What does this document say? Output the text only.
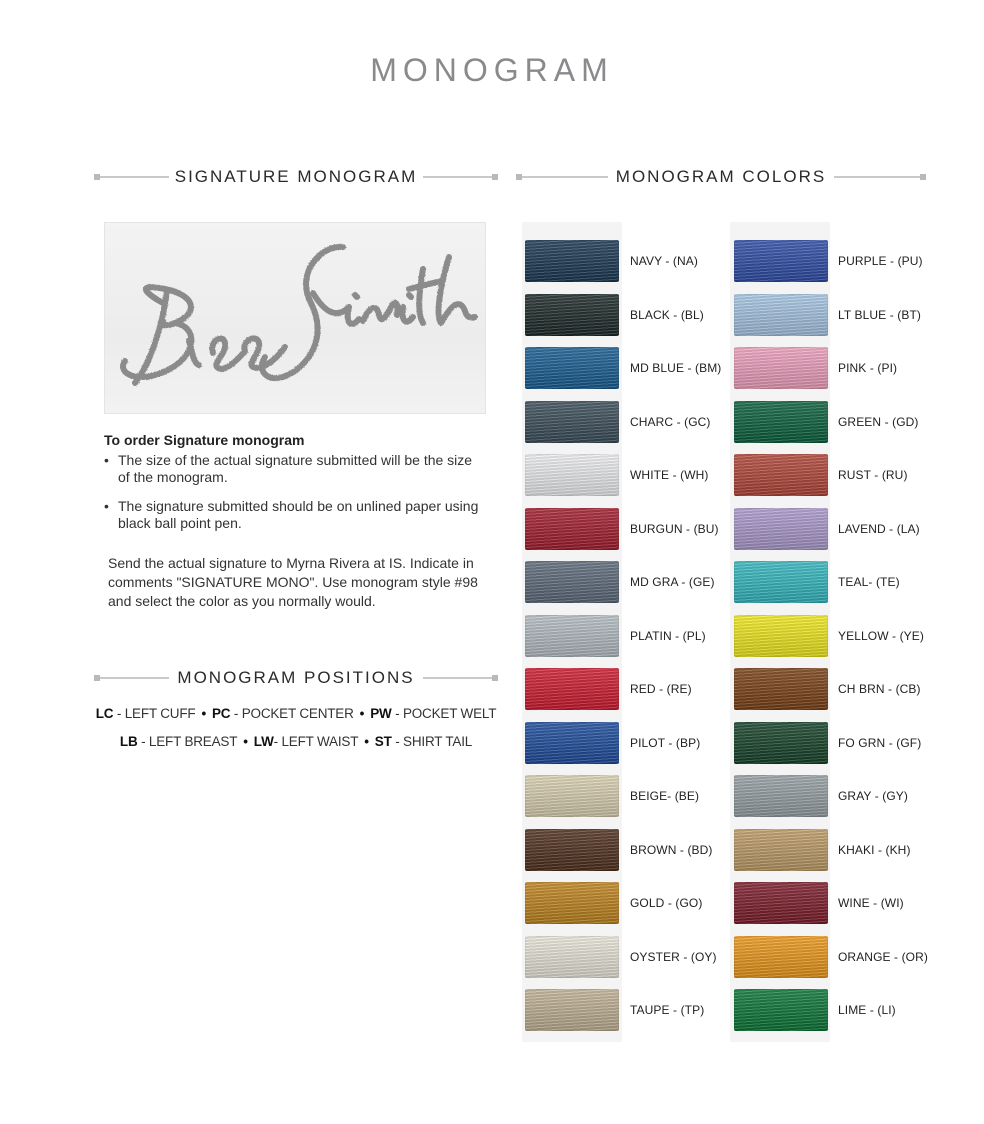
MONOGRAM
SIGNATURE MONOGRAM	MONOGRAM COLORS
To order Signature monogram
• The size of the actual signature submitted will be the size of the monogram.
• The signature submitted should be on unlined paper using black ball point pen.
Send the actual signature to Myrna Rivera at IS. Indicate in comments "SIGNATURE MONO". Use monogram style #98 and select the color as you normally would.
MONOGRAM POSITIONS
LC - LEFT CUFF • PC - POCKET CENTER • PW - POCKET WELT
LB - LEFT BREAST • LW- LEFT WAIST • ST - SHIRT TAIL
NAVY - (NA)
BLACK - (BL)
MD BLUE - (BM)
CHARC - (GC)
WHITE - (WH)
BURGUN - (BU)
MD GRA - (GE)
PLATIN - (PL)
RED - (RE)
PILOT - (BP)
BEIGE- (BE)
BROWN - (BD)
GOLD - (GO)
OYSTER - (OY)
TAUPE - (TP)
PURPLE - (PU)
LT BLUE - (BT)
PINK - (PI)
GREEN - (GD)
RUST - (RU)
LAVEND - (LA)
TEAL- (TE)
YELLOW - (YE)
CH BRN - (CB)
FO GRN - (GF)
GRAY - (GY)
KHAKI - (KH)
WINE - (WI)
ORANGE - (OR)
LIME - (LI)
